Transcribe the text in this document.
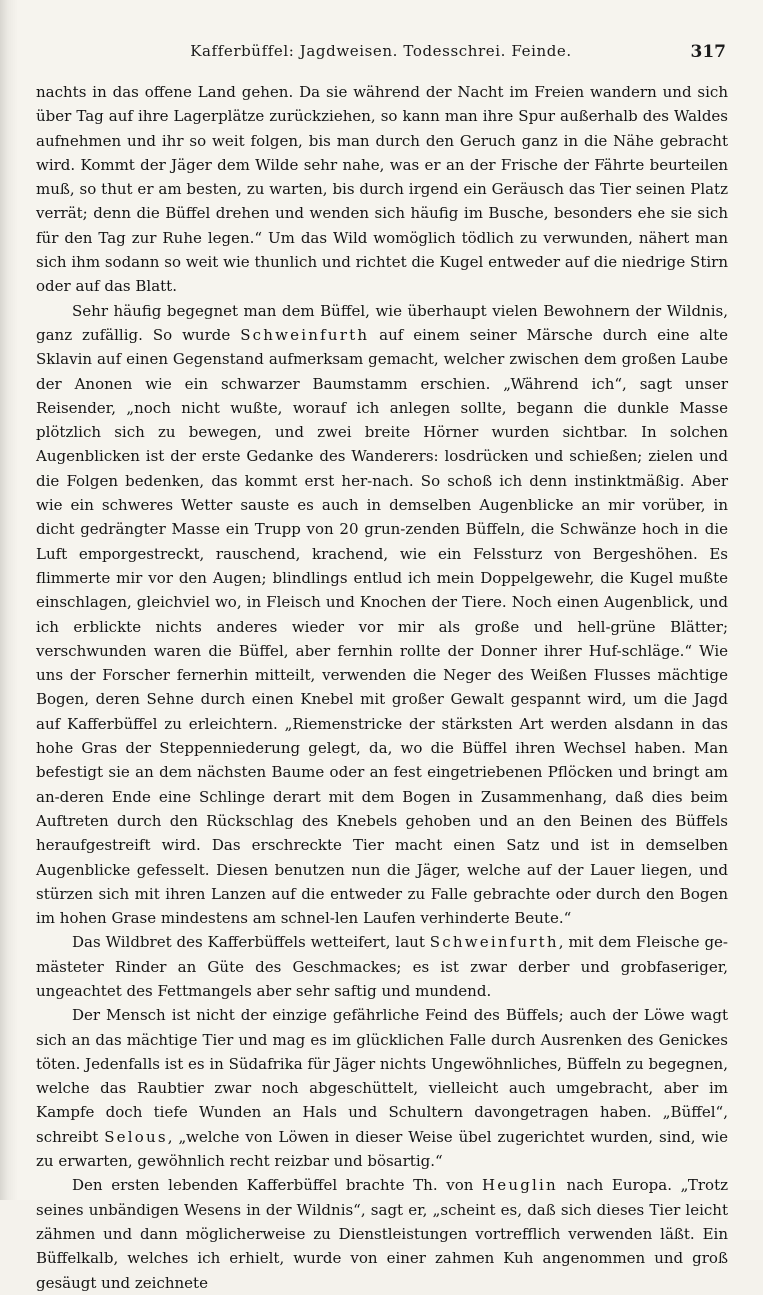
Kafferbüffel: Jagdweisen. Todesschrei. Feinde.	317

nachts in das offene Land gehen. Da sie während der Nacht im Freien wandern und sich über Tag auf ihre Lagerplätze zurückziehen, so kann man ihre Spur außerhalb des Waldes aufnehmen und ihr so weit folgen, bis man durch den Geruch ganz in die Nähe gebracht wird. Kommt der Jäger dem Wilde sehr nahe, was er an der Frische der Fährte beurteilen muß, so thut er am besten, zu warten, bis durch irgend ein Geräusch das Tier seinen Platz verrät; denn die Büffel drehen und wenden sich häufig im Busche, besonders ehe sie sich für den Tag zur Ruhe legen.“ Um das Wild womöglich tödlich zu verwunden, nähert man sich ihm sodann so weit wie thunlich und richtet die Kugel entweder auf die niedrige Stirn oder auf das Blatt.

Sehr häufig begegnet man dem Büffel, wie überhaupt vielen Bewohnern der Wildnis, ganz zufällig. So wurde Schweinfurth auf einem seiner Märsche durch eine alte Sklavin auf einen Gegenstand aufmerksam gemacht, welcher zwischen dem großen Laube der Anonen wie ein schwarzer Baumstamm erschien. „Während ich“, sagt unser Reisender, „noch nicht wußte, worauf ich anlegen sollte, begann die dunkle Masse plötzlich sich zu bewegen, und zwei breite Hörner wurden sichtbar. In solchen Augenblicken ist der erste Gedanke des Wanderers: losdrücken und schießen; zielen und die Folgen bedenken, das kommt erst her-nach. So schoß ich denn instinktmäßig. Aber wie ein schweres Wetter sauste es auch in demselben Augenblicke an mir vorüber, in dicht gedrängter Masse ein Trupp von 20 grun-zenden Büffeln, die Schwänze hoch in die Luft emporgestreckt, rauschend, krachend, wie ein Felssturz von Bergeshöhen. Es flimmerte mir vor den Augen; blindlings entlud ich mein Doppelgewehr, die Kugel mußte einschlagen, gleichviel wo, in Fleisch und Knochen der Tiere. Noch einen Augenblick, und ich erblickte nichts anderes wieder vor mir als große und hell-grüne Blätter; verschwunden waren die Büffel, aber fernhin rollte der Donner ihrer Huf-schläge.“ Wie uns der Forscher fernerhin mitteilt, verwenden die Neger des Weißen Flusses mächtige Bogen, deren Sehne durch einen Knebel mit großer Gewalt gespannt wird, um die Jagd auf Kafferbüffel zu erleichtern. „Riemenstricke der stärksten Art werden alsdann in das hohe Gras der Steppenniederung gelegt, da, wo die Büffel ihren Wechsel haben. Man befestigt sie an dem nächsten Baume oder an fest eingetriebenen Pflöcken und bringt am an-deren Ende eine Schlinge derart mit dem Bogen in Zusammenhang, daß dies beim Auftreten durch den Rückschlag des Knebels gehoben und an den Beinen des Büffels heraufgestreift wird. Das erschreckte Tier macht einen Satz und ist in demselben Augenblicke gefesselt. Diesen benutzen nun die Jäger, welche auf der Lauer liegen, und stürzen sich mit ihren Lanzen auf die entweder zu Falle gebrachte oder durch den Bogen im hohen Grase mindestens am schnel-len Laufen verhinderte Beute.“

Das Wildbret des Kafferbüffels wetteifert, laut Schweinfurth, mit dem Fleische ge-mästeter Rinder an Güte des Geschmackes; es ist zwar derber und grobfaseriger, ungeachtet des Fettmangels aber sehr saftig und mundend.

Der Mensch ist nicht der einzige gefährliche Feind des Büffels; auch der Löwe wagt sich an das mächtige Tier und mag es im glücklichen Falle durch Ausrenken des Genickes töten. Jedenfalls ist es in Südafrika für Jäger nichts Ungewöhnliches, Büffeln zu begegnen, welche das Raubtier zwar noch abgeschüttelt, vielleicht auch umgebracht, aber im Kampfe doch tiefe Wunden an Hals und Schultern davongetragen haben. „Büffel“, schreibt Selous, „welche von Löwen in dieser Weise übel zugerichtet wurden, sind, wie zu erwarten, gewöhnlich recht reizbar und bösartig.“

Den ersten lebenden Kafferbüffel brachte Th. von Heuglin nach Europa. „Trotz seines unbändigen Wesens in der Wildnis“, sagt er, „scheint es, daß sich dieses Tier leicht zähmen und dann möglicherweise zu Dienstleistungen vortrefflich verwenden läßt. Ein Büffelkalb, welches ich erhielt, wurde von einer zahmen Kuh angenommen und groß gesäugt und zeichnete
